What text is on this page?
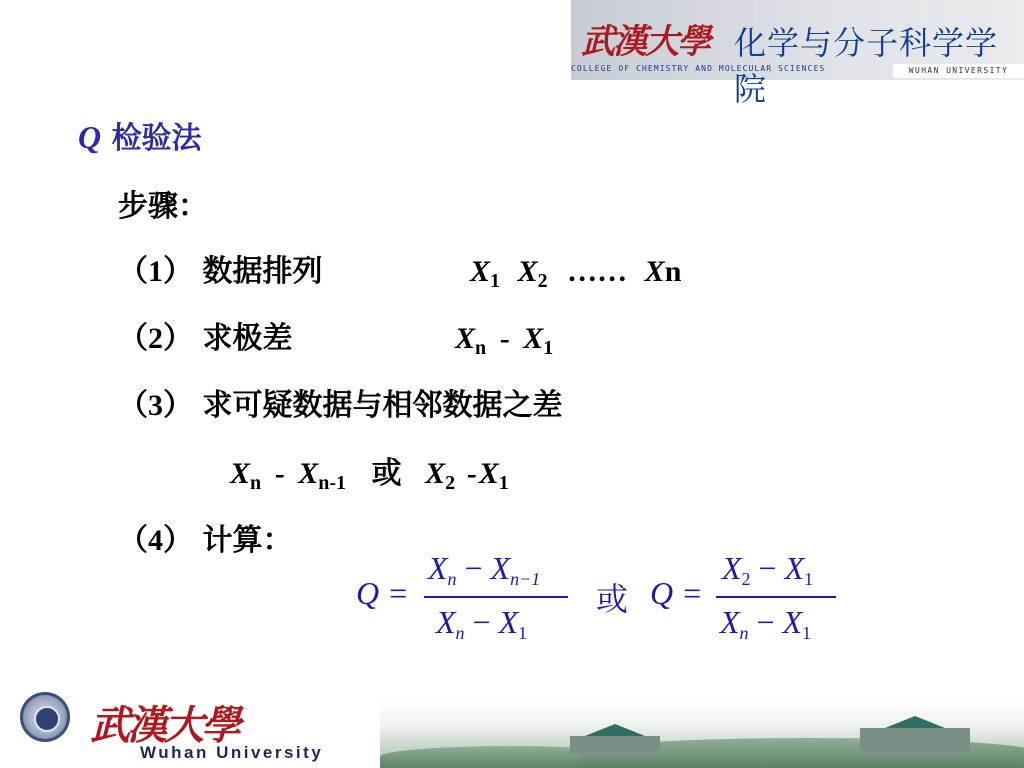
武漢大學 化学与分子科学学院
COLLEGE OF CHEMISTRY AND MOLECULAR SCIENCES	WUHAN UNIVERSITY
Q 检验法
步骤：
（1） 数据排列	$X_1$ $X_2$ …… Xn
（2） 求极差	$X_n - X_1$
（3） 求可疑数据与相邻数据之差
$X_n - X_{n-1}$ 或 $X_2$ $-X_1$
（4） 计算：
Q =
$X_n - X_{n-1}$
$X_n - X_1$
或 Q =
$X_2 - X_1$
$X_n - X_1$
武漢大學
Wuhan University
